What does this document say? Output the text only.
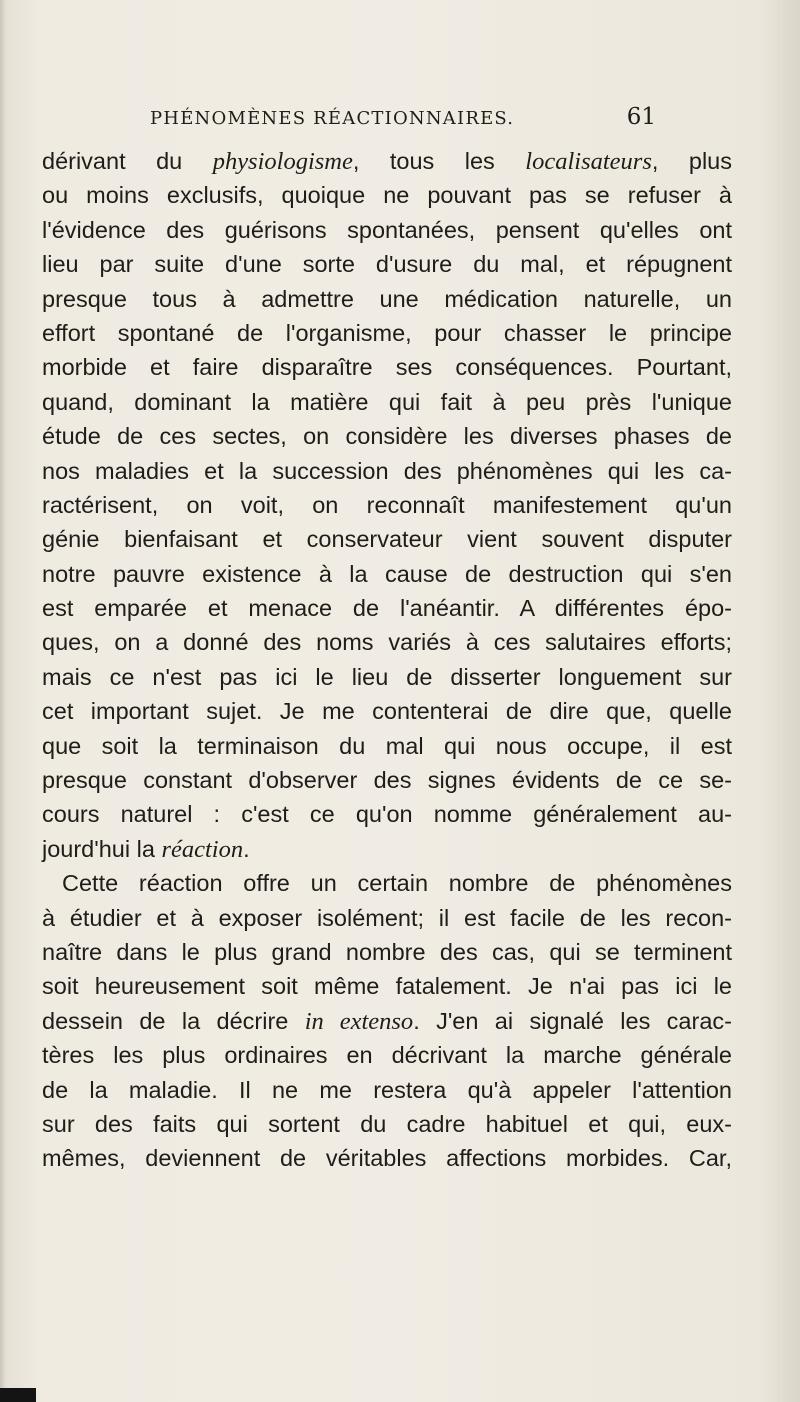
PHÉNOMÈNES RÉACTIONNAIRES.	61
dérivant du physiologisme, tous les localisateurs, plus
ou moins exclusifs, quoique ne pouvant pas se refuser à
l'évidence des guérisons spontanées, pensent qu'elles ont
lieu par suite d'une sorte d'usure du mal, et répugnent
presque tous à admettre une médication naturelle, un
effort spontané de l'organisme, pour chasser le principe
morbide et faire disparaître ses conséquences. Pourtant,
quand, dominant la matière qui fait à peu près l'unique
étude de ces sectes, on considère les diverses phases de
nos maladies et la succession des phénomènes qui les ca-
ractérisent, on voit, on reconnaît manifestement qu'un
génie bienfaisant et conservateur vient souvent disputer
notre pauvre existence à la cause de destruction qui s'en
est emparée et menace de l'anéantir. A différentes épo-
ques, on a donné des noms variés à ces salutaires efforts;
mais ce n'est pas ici le lieu de disserter longuement sur
cet important sujet. Je me contenterai de dire que, quelle
que soit la terminaison du mal qui nous occupe, il est
presque constant d'observer des signes évidents de ce se-
cours naturel : c'est ce qu'on nomme généralement au-
jourd'hui la réaction.
Cette réaction offre un certain nombre de phénomènes
à étudier et à exposer isolément; il est facile de les recon-
naître dans le plus grand nombre des cas, qui se terminent
soit heureusement soit même fatalement. Je n'ai pas ici le
dessein de la décrire in extenso. J'en ai signalé les carac-
tères les plus ordinaires en décrivant la marche générale
de la maladie. Il ne me restera qu'à appeler l'attention
sur des faits qui sortent du cadre habituel et qui, eux-
mêmes, deviennent de véritables affections morbides. Car,
